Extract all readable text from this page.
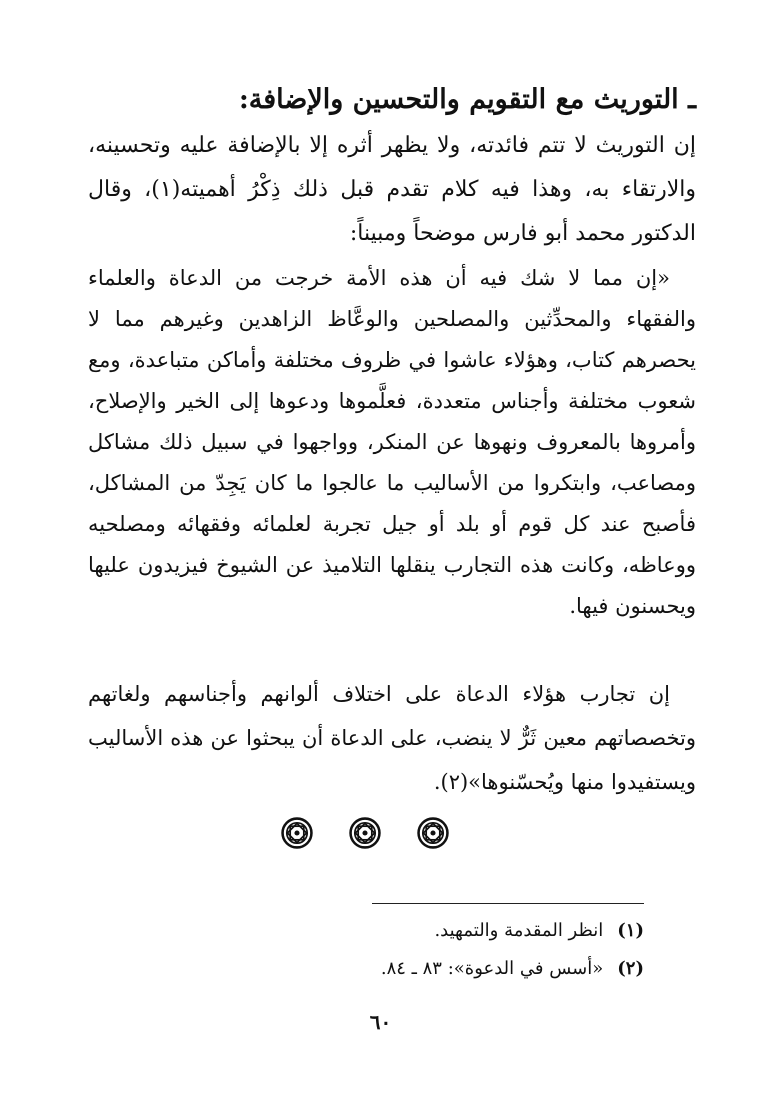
ـ التوريث مع التقويم والتحسين والإضافة:
إن التوريث لا تتم فائدته، ولا يظهر أثره إلا بالإضافة عليه وتحسينه، والارتقاء به، وهذا فيه كلام تقدم قبل ذلك ذِكْرُ أهميته(١)، وقال الدكتور محمد أبو فارس موضحاً ومبيناً:
«إن مما لا شك فيه أن هذه الأمة خرجت من الدعاة والعلماء والفقهاء والمحدِّثين والمصلحين والوعَّاظ الزاهدين وغيرهم مما لا يحصرهم كتاب، وهؤلاء عاشوا في ظروف مختلفة وأماكن متباعدة، ومع شعوب مختلفة وأجناس متعددة، فعلَّموها ودعوها إلى الخير والإصلاح، وأمروها بالمعروف ونهوها عن المنكر، وواجهوا في سبيل ذلك مشاكل ومصاعب، وابتكروا من الأساليب ما عالجوا ما كان يَجِدّ من المشاكل، فأصبح عند كل قوم أو بلد أو جيل تجربة لعلمائه وفقهائه ومصلحيه ووعاظه، وكانت هذه التجارب ينقلها التلاميذ عن الشيوخ فيزيدون عليها ويحسنون فيها.
إن تجارب هؤلاء الدعاة على اختلاف ألوانهم وأجناسهم ولغاتهم وتخصصاتهم معين ثَرٌّ لا ينضب، على الدعاة أن يبحثوا عن هذه الأساليب ويستفيدوا منها ويُحسّنوها»(٢).
(١)انظر المقدمة والتمهيد.
(٢)«أسس في الدعوة»: ٨٣ ـ ٨٤.
٦٠
